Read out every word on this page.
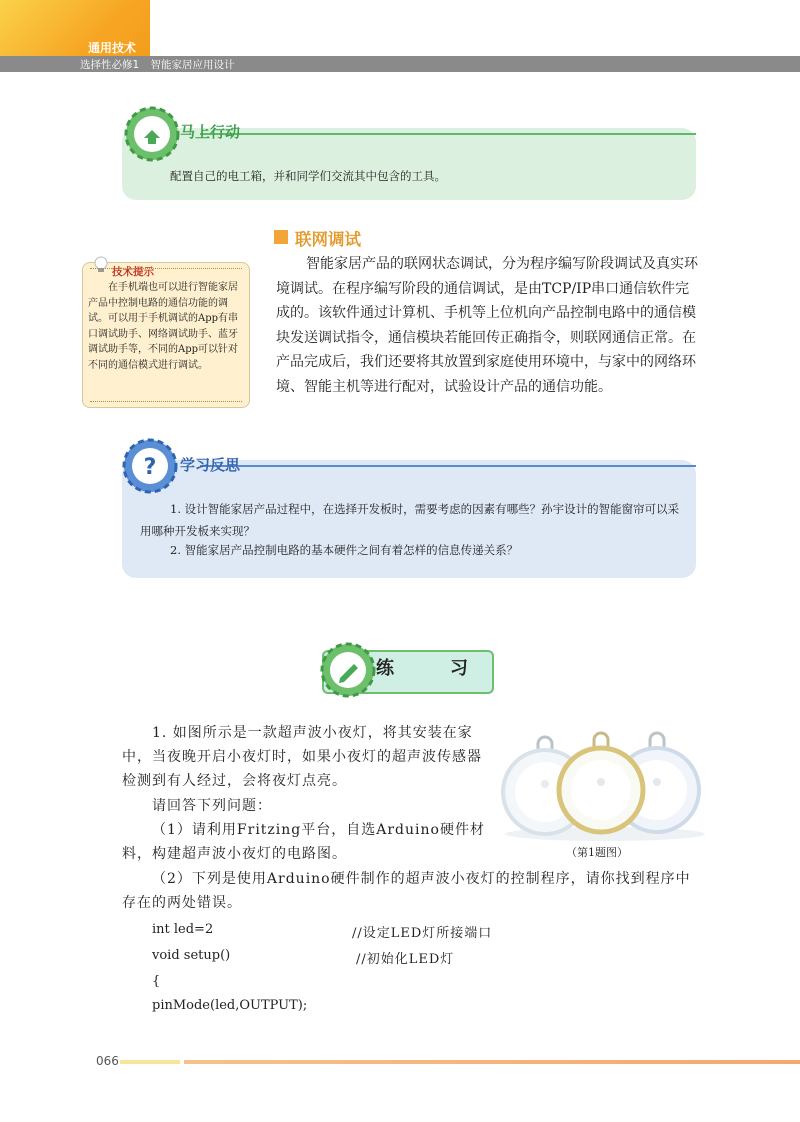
通用技术
选择性必修1 智能家居应用设计
马上行动
配置自己的电工箱，并和同学们交流其中包含的工具。
联网调试
智能家居产品的联网状态调试，分为程序编写阶段调试及真实环境调试。在程序编写阶段的通信调试，是由TCP/IP串口通信软件完成的。该软件通过计算机、手机等上位机向产品控制电路中的通信模块发送调试指令，通信模块若能回传正确指令，则联网通信正常。在产品完成后，我们还要将其放置到家庭使用环境中，与家中的网络环境、智能主机等进行配对，试验设计产品的通信功能。
技术提示
在手机端也可以进行智能家居产品中控制电路的通信功能的调试。可以用于手机调试的App有串口调试助手、网络调试助手、蓝牙调试助手等，不同的App可以针对不同的通信模式进行调试。
? 学习反思
1. 设计智能家居产品过程中，在选择开发板时，需要考虑的因素有哪些？孙宇设计的智能窗帘可以采用哪种开发板来实现？
2. 智能家居产品控制电路的基本硬件之间有着怎样的信息传递关系？
练	习
1. 如图所示是一款超声波小夜灯，将其安装在家中，当夜晚开启小夜灯时，如果小夜灯的超声波传感器检测到有人经过，会将夜灯点亮。
请回答下列问题：
（1）请利用Fritzing平台，自选Arduino硬件材料，构建超声波小夜灯的电路图。
（2）下列是使用Arduino硬件制作的超声波小夜灯的控制程序，请你找到程序中存在的两处错误。
（第1题图）
int led=2	//设定LED灯所接端口
void setup()	//初始化LED灯
{
pinMode(led,OUTPUT);
066
